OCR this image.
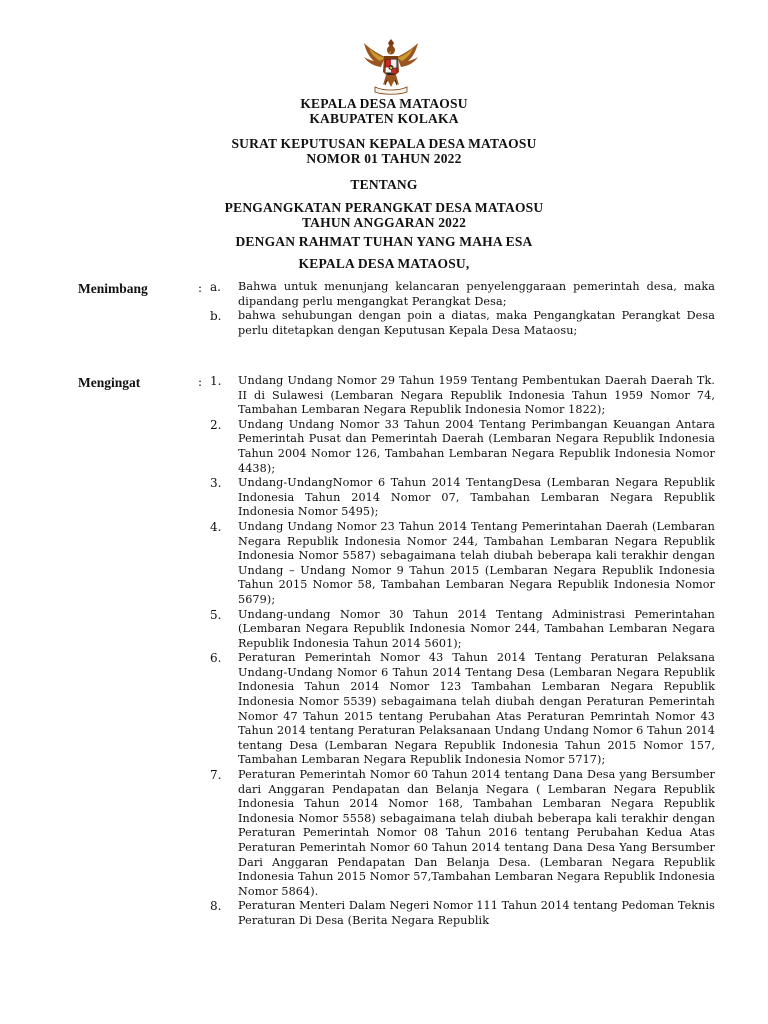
KEPALA DESA MATAOSU
KABUPATEN KOLAKA
SURAT KEPUTUSAN KEPALA DESA MATAOSU
NOMOR 01 TAHUN 2022
TENTANG
PENGANGKATAN PERANGKAT DESA MATAOSU
TAHUN ANGGARAN 2022
DENGAN RAHMAT TUHAN YANG MAHA ESA
KEPALA DESA MATAOSU,
Menimbang	: a.	Bahwa untuk menunjang kelancaran penyelenggaraan pemerintah desa, maka dipandang perlu mengangkat Perangkat Desa;
b.	bahwa sehubungan dengan poin a diatas, maka Pengangkatan Perangkat Desa perlu ditetapkan dengan Keputusan Kepala Desa Mataosu;
Mengingat	: 1.	Undang Undang Nomor 29 Tahun 1959 Tentang Pembentukan Daerah Daerah Tk. II di Sulawesi (Lembaran Negara Republik Indonesia Tahun 1959 Nomor 74, Tambahan Lembaran Negara Republik Indonesia Nomor 1822);
2.	Undang Undang Nomor 33 Tahun 2004 Tentang Perimbangan Keuangan Antara Pemerintah Pusat dan Pemerintah Daerah (Lembaran Negara Republik Indonesia Tahun 2004 Nomor 126, Tambahan Lembaran Negara Republik Indonesia Nomor 4438);
3.	Undang-UndangNomor 6 Tahun 2014 TentangDesa (Lembaran Negara Republik Indonesia Tahun 2014 Nomor 07, Tambahan Lembaran Negara Republik Indonesia Nomor 5495);
4.	Undang Undang Nomor 23 Tahun 2014 Tentang Pemerintahan Daerah (Lembaran Negara Republik Indonesia Nomor 244, Tambahan Lembaran Negara Republik Indonesia Nomor 5587) sebagaimana telah diubah beberapa kali terakhir dengan Undang – Undang Nomor 9 Tahun 2015 (Lembaran Negara Republik Indonesia Tahun 2015 Nomor 58, Tambahan Lembaran Negara Republik Indonesia Nomor 5679);
5.	Undang-undang Nomor 30 Tahun 2014 Tentang Administrasi Pemerintahan (Lembaran Negara Republik Indonesia Nomor 244, Tambahan Lembaran Negara Republik Indonesia Tahun 2014 5601);
6.	Peraturan Pemerintah Nomor 43 Tahun 2014 Tentang Peraturan Pelaksana Undang-Undang Nomor 6 Tahun 2014 Tentang Desa (Lembaran Negara Republik Indonesia Tahun 2014 Nomor 123 Tambahan Lembaran Negara Republik Indonesia Nomor 5539) sebagaimana telah diubah dengan Peraturan Pemerintah Nomor 47 Tahun 2015 tentang Perubahan Atas Peraturan Pemrintah Nomor 43 Tahun 2014 tentang Peraturan Pelaksanaan Undang Undang Nomor 6 Tahun 2014 tentang Desa (Lembaran Negara Republik Indonesia Tahun 2015 Nomor 157, Tambahan Lembaran Negara Republik Indonesia Nomor 5717);
7.	Peraturan Pemerintah Nomor 60 Tahun 2014 tentang Dana Desa yang Bersumber dari Anggaran Pendapatan dan Belanja Negara ( Lembaran Negara Republik Indonesia Tahun 2014 Nomor 168, Tambahan Lembaran Negara Republik Indonesia Nomor 5558) sebagaimana telah diubah beberapa kali terakhir dengan Peraturan Pemerintah Nomor 08 Tahun 2016 tentang Perubahan Kedua Atas Peraturan Pemerintah Nomor 60 Tahun 2014 tentang Dana Desa Yang Bersumber Dari Anggaran Pendapatan Dan Belanja Desa. (Lembaran Negara Republik Indonesia Tahun 2015 Nomor 57,Tambahan Lembaran Negara Republik Indonesia Nomor 5864).
8.	Peraturan Menteri Dalam Negeri Nomor 111 Tahun 2014 tentang Pedoman Teknis Peraturan Di Desa (Berita Negara Republik
